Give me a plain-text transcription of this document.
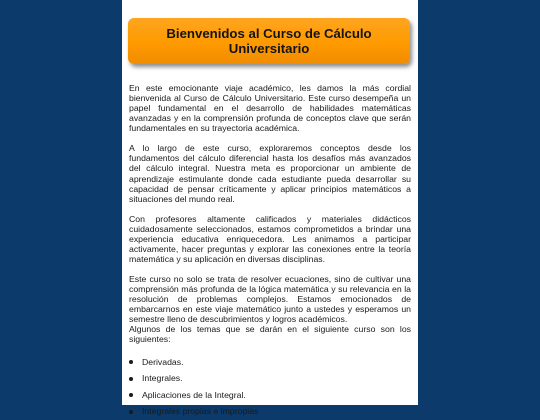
Bienvenidos al Curso de Cálculo Universitario

En este emocionante viaje académico, les damos la más cordial bienvenida al Curso de Cálculo Universitario. Este curso desempeña un papel fundamental en el desarrollo de habilidades matemáticas avanzadas y en la comprensión profunda de conceptos clave que serán fundamentales en su trayectoria académica.

A lo largo de este curso, exploraremos conceptos desde los fundamentos del cálculo diferencial hasta los desafíos más avanzados del cálculo integral. Nuestra meta es proporcionar un ambiente de aprendizaje estimulante donde cada estudiante pueda desarrollar su capacidad de pensar críticamente y aplicar principios matemáticos a situaciones del mundo real.

Con profesores altamente calificados y materiales didácticos cuidadosamente seleccionados, estamos comprometidos a brindar una experiencia educativa enriquecedora. Les animamos a participar activamente, hacer preguntas y explorar las conexiones entre la teoría matemática y su aplicación en diversas disciplinas.

Este curso no solo se trata de resolver ecuaciones, sino de cultivar una comprensión más profunda de la lógica matemática y su relevancia en la resolución de problemas complejos. Estamos emocionados de embarcarnos en este viaje matemático junto a ustedes y esperamos un semestre lleno de descubrimientos y logros académicos.

Algunos de los temas que se darán en el siguiente curso son los siguientes:

Derivadas.
Integrales.
Aplicaciones de la Integral.
Integrales propias e impropias
